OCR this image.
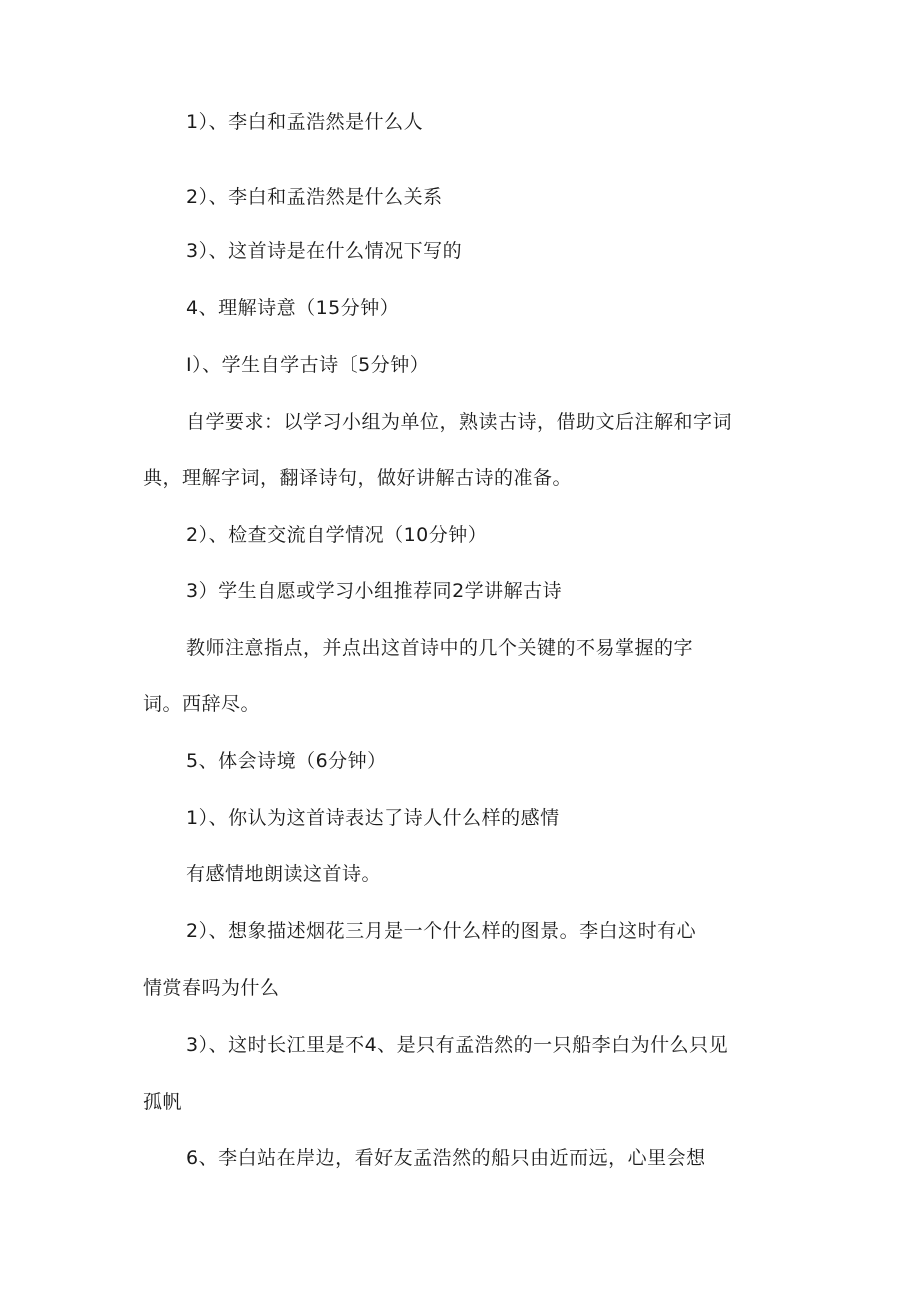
1）、李白和孟浩然是什么人
2）、李白和孟浩然是什么关系
3）、这首诗是在什么情况下写的
4、理解诗意（15分钟）
I）、学生自学古诗〔5分钟）
自学要求：以学习小组为单位，熟读古诗，借助文后注解和字词
典，理解字词，翻译诗句，做好讲解古诗的准备。
2）、检查交流自学情况（10分钟）
3）学生自愿或学习小组推荐同2学讲解古诗
教师注意指点，并点出这首诗中的几个关键的不易掌握的字
词。西辞尽。
5、体会诗境（6分钟）
1）、你认为这首诗表达了诗人什么样的感情
有感情地朗读这首诗。
2）、想象描述烟花三月是一个什么样的图景。李白这时有心
情赏春吗为什么
3）、这时长江里是不4、是只有孟浩然的一只船李白为什么只见
孤帆
6、李白站在岸边，看好友孟浩然的船只由近而远，心里会想
